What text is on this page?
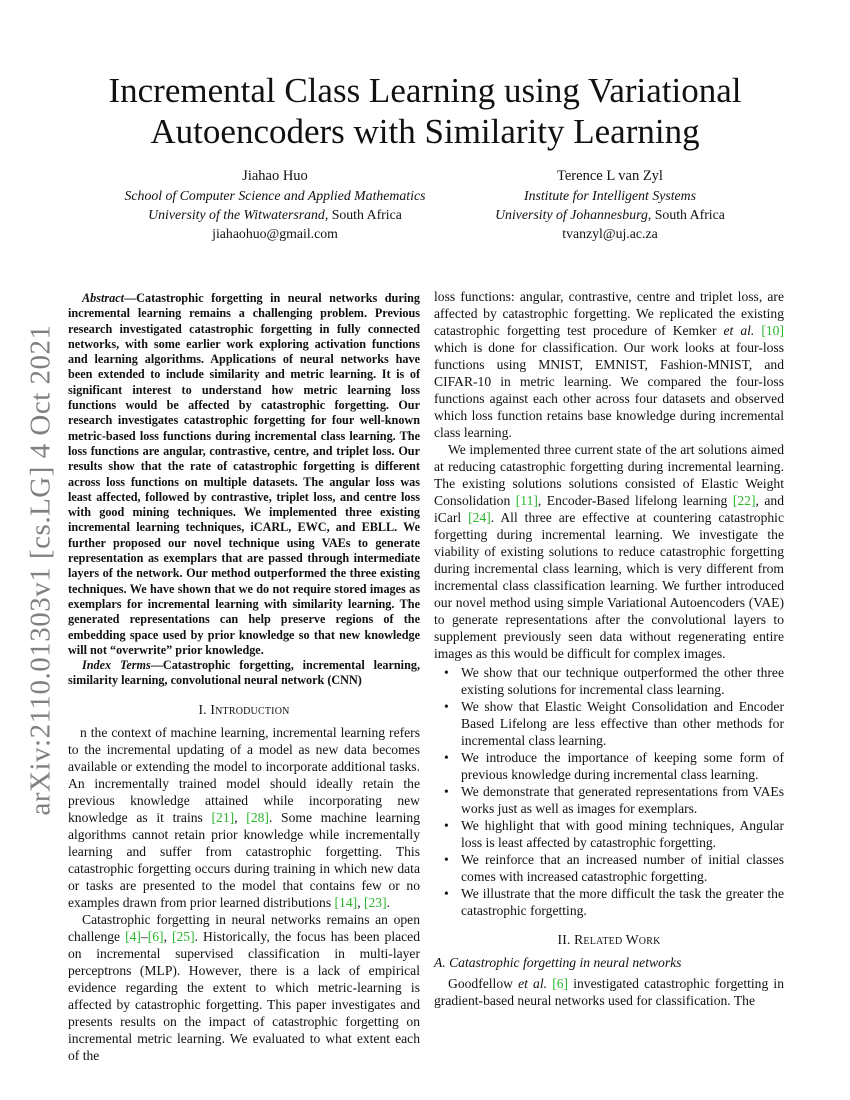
arXiv:2110.01303v1 [cs.LG] 4 Oct 2021
Incremental Class Learning using Variational
Autoencoders with Similarity Learning
Jiahao Huo
School of Computer Science and Applied Mathematics
University of the Witwatersrand, South Africa
jiahaohuo@gmail.com
Terence L van Zyl
Institute for Intelligent Systems
University of Johannesburg, South Africa
tvanzyl@uj.ac.za

Abstract—Catastrophic forgetting in neural networks during incremental learning remains a challenging problem. Previous research investigated catastrophic forgetting in fully connected networks, with some earlier work exploring activation functions and learning algorithms. Applications of neural networks have been extended to include similarity and metric learning. It is of significant interest to understand how metric learning loss functions would be affected by catastrophic forgetting. Our research investigates catastrophic forgetting for four well-known metric-based loss functions during incremental class learning. The loss functions are angular, contrastive, centre, and triplet loss. Our results show that the rate of catastrophic forgetting is different across loss functions on multiple datasets. The angular loss was least affected, followed by contrastive, triplet loss, and centre loss with good mining techniques. We implemented three existing incremental learning techniques, iCARL, EWC, and EBLL. We further proposed our novel technique using VAEs to generate representation as exemplars that are passed through intermediate layers of the network. Our method outperformed the three existing techniques. We have shown that we do not require stored images as exemplars for incremental learning with similarity learning. The generated representations can help preserve regions of the embedding space used by prior knowledge so that new knowledge will not “overwrite” prior knowledge.

Index Terms—Catastrophic forgetting, incremental learning, similarity learning, convolutional neural network (CNN)

I. Introduction

n the context of machine learning, incremental learning refers to the incremental updating of a model as new data becomes available or extending the model to incorporate additional tasks. An incrementally trained model should ideally retain the previous knowledge attained while incorporating new knowledge as it trains [21], [28]. Some machine learning algorithms cannot retain prior knowledge while incrementally learning and suffer from catastrophic forgetting. This catastrophic forgetting occurs during training in which new data or tasks are presented to the model that contains few or no examples drawn from prior learned distributions [14], [23].

Catastrophic forgetting in neural networks remains an open challenge [4]–[6], [25]. Historically, the focus has been placed on incremental supervised classification in multi-layer perceptrons (MLP). However, there is a lack of empirical evidence regarding the extent to which metric-learning is affected by catastrophic forgetting. This paper investigates and presents results on the impact of catastrophic forgetting on incremental metric learning. We evaluated to what extent each of the

loss functions: angular, contrastive, centre and triplet loss, are affected by catastrophic forgetting. We replicated the existing catastrophic forgetting test procedure of Kemker et al. [10] which is done for classification. Our work looks at four-loss functions using MNIST, EMNIST, Fashion-MNIST, and CIFAR-10 in metric learning. We compared the four-loss functions against each other across four datasets and observed which loss function retains base knowledge during incremental class learning.

We implemented three current state of the art solutions aimed at reducing catastrophic forgetting during incremental learning. The existing solutions solutions consisted of Elastic Weight Consolidation [11], Encoder-Based lifelong learning [22], and iCarl [24]. All three are effective at countering catastrophic forgetting during incremental learning. We investigate the viability of existing solutions to reduce catastrophic forgetting during incremental class learning, which is very different from incremental class classification learning. We further introduced our novel method using simple Variational Autoencoders (VAE) to generate representations after the convolutional layers to supplement previously seen data without regenerating entire images as this would be difficult for complex images.

• We show that our technique outperformed the other three existing solutions for incremental class learning.
• We show that Elastic Weight Consolidation and Encoder Based Lifelong are less effective than other methods for incremental class learning.
• We introduce the importance of keeping some form of previous knowledge during incremental class learning.
• We demonstrate that generated representations from VAEs works just as well as images for exemplars.
• We highlight that with good mining techniques, Angular loss is least affected by catastrophic forgetting.
• We reinforce that an increased number of initial classes comes with increased catastrophic forgetting.
• We illustrate that the more difficult the task the greater the catastrophic forgetting.
II. Related Work
A. Catastrophic forgetting in neural networks

Goodfellow et al. [6] investigated catastrophic forgetting in gradient-based neural networks used for classification. The
